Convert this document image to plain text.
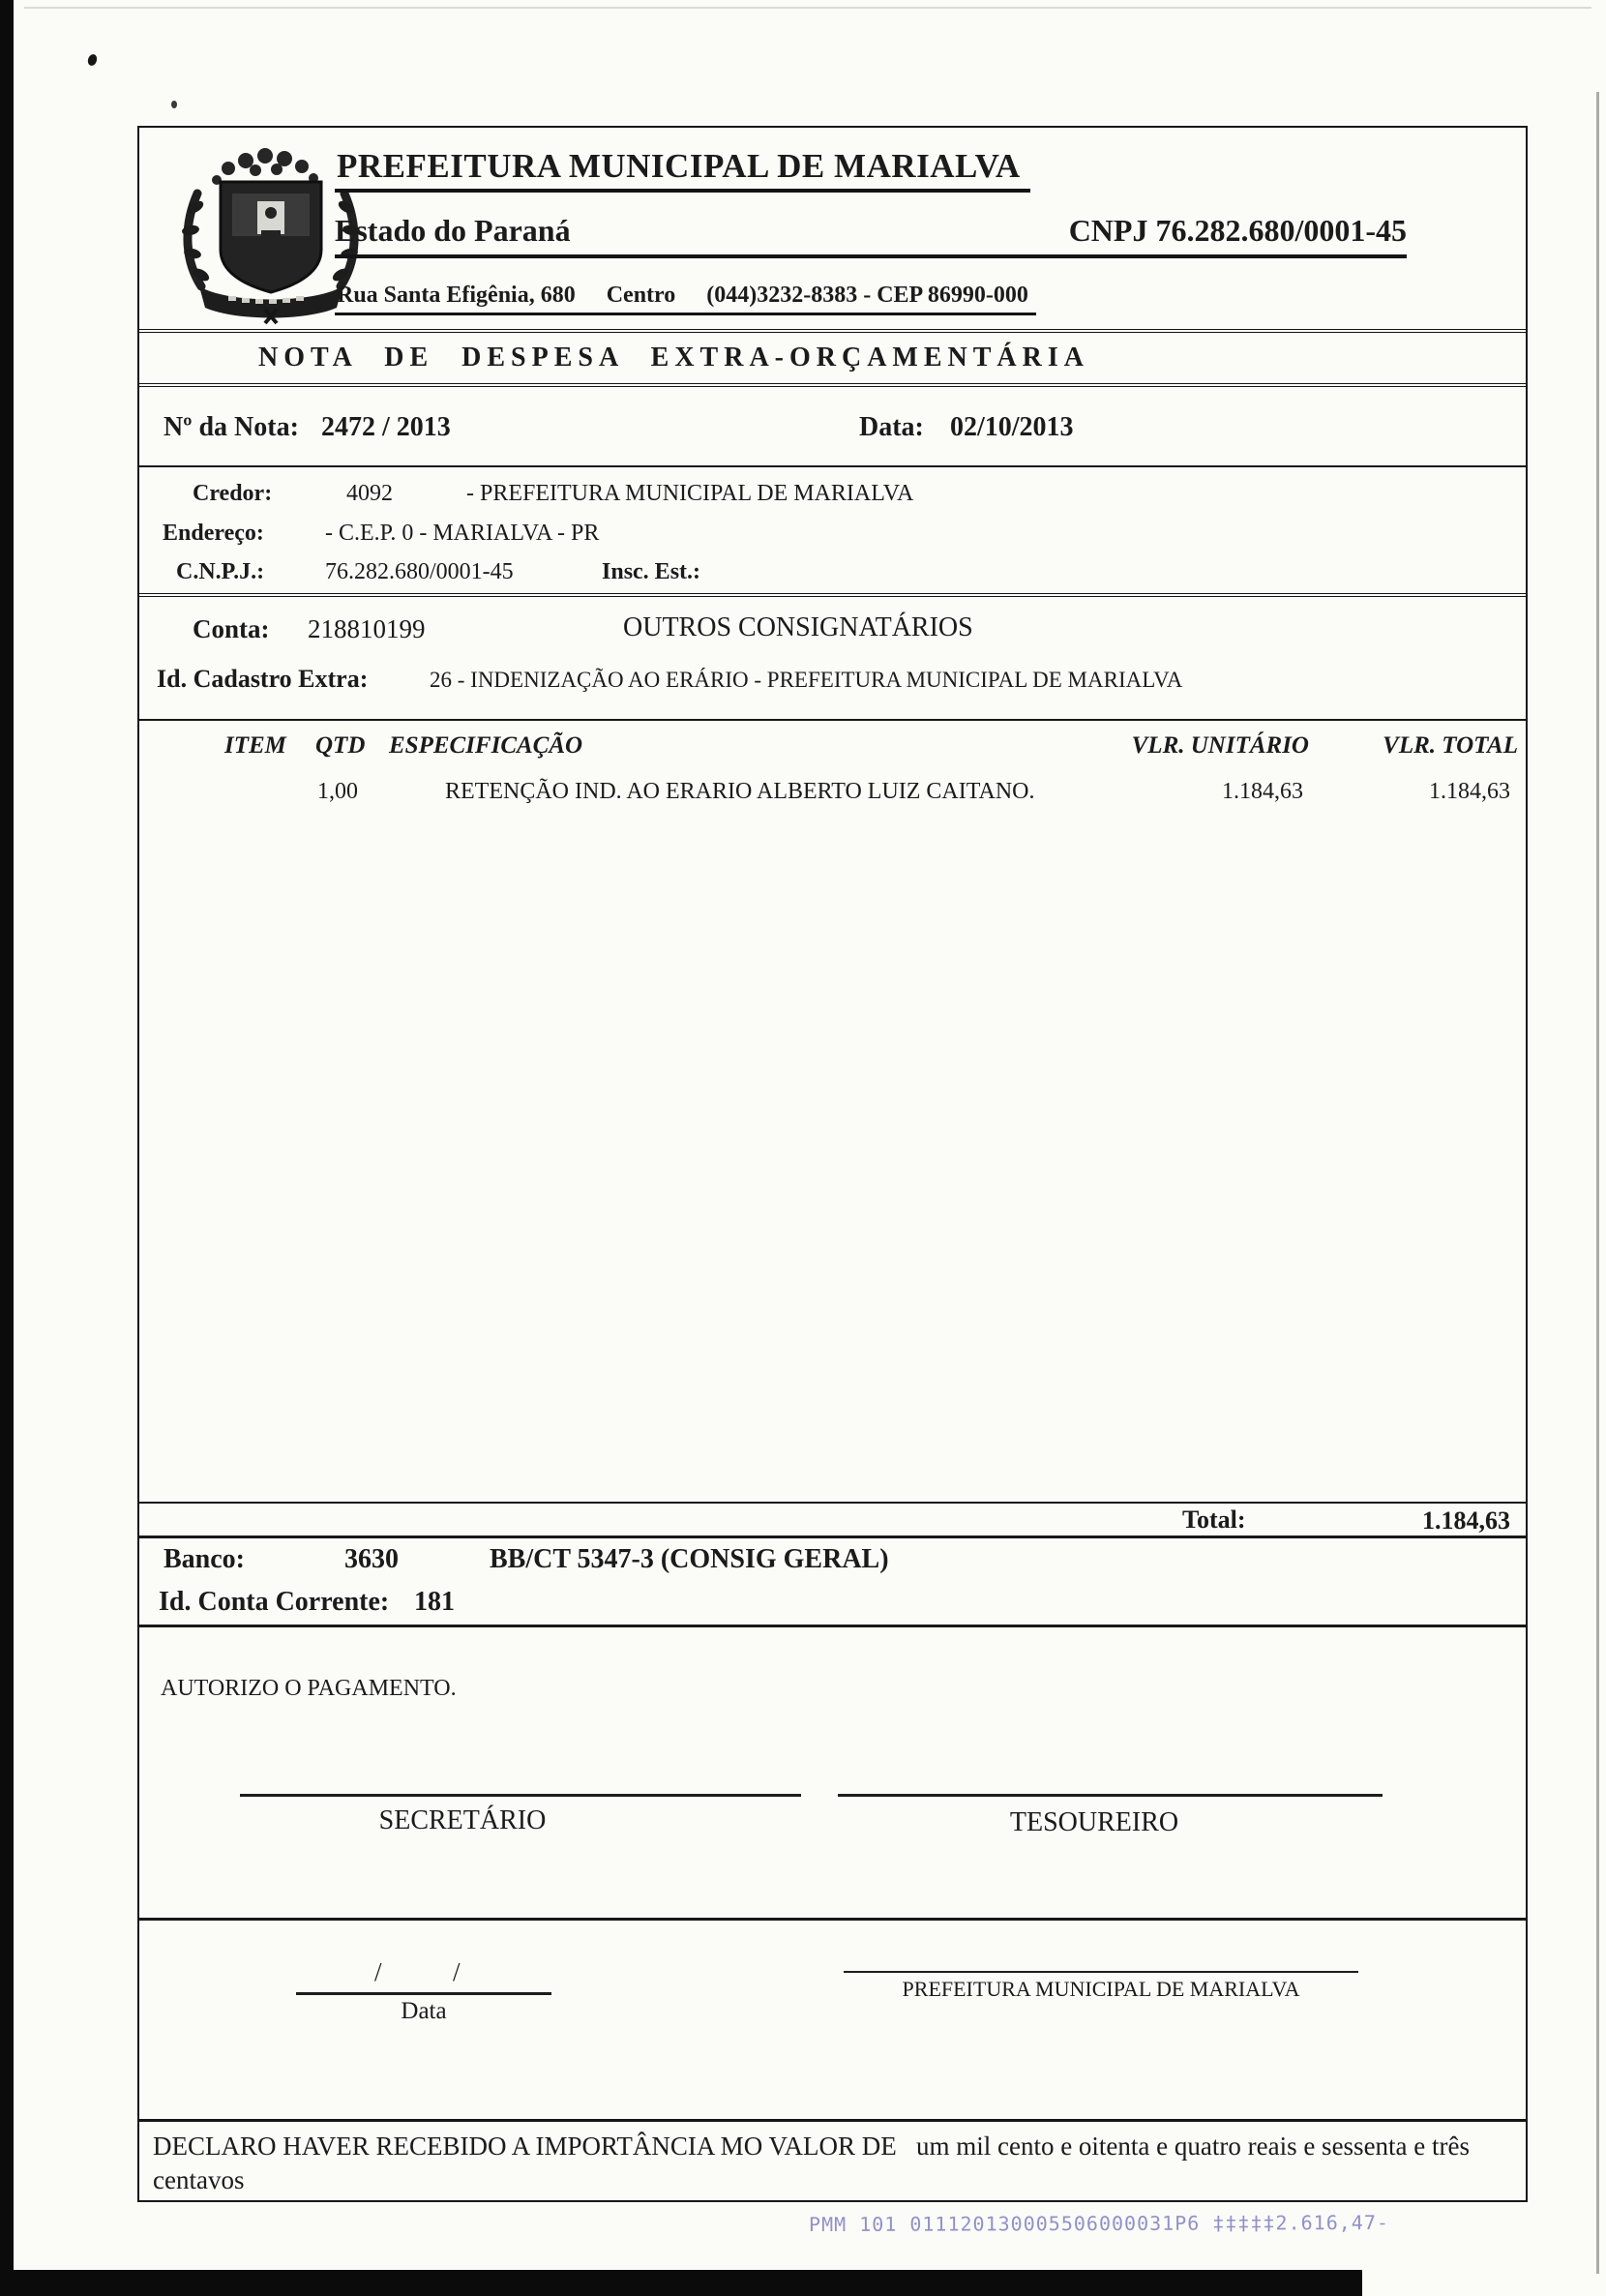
PREFEITURA MUNICIPAL DE MARIALVA
Estado do Paraná	CNPJ 76.282.680/0001-45
Rua Santa Efigênia, 680 Centro (044)3232-8383 - CEP 86990-000
NOTA DE DESPESA EXTRA-ORÇAMENTÁRIA
Nº da Nota: 2472 / 2013	Data: 02/10/2013
Credor:	4092	- PREFEITURA MUNICIPAL DE MARIALVA
Endereço:	- C.E.P. 0 - MARIALVA - PR
C.N.P.J.:	76.282.680/0001-45	Insc. Est.:
Conta: 218810199	OUTROS CONSIGNATÁRIOS
Id. Cadastro Extra:	26 - INDENIZAÇÃO AO ERÁRIO - PREFEITURA MUNICIPAL DE MARIALVA
ITEM QTD ESPECIFICAÇÃO	VLR. UNITÁRIO	VLR. TOTAL
1,00	RETENÇÃO IND. AO ERARIO ALBERTO LUIZ CAITANO.	1.184,63	1.184,63
Total:	1.184,63
Banco:	3630	BB/CT 5347-3 (CONSIG GERAL)
Id. Conta Corrente: 181
AUTORIZO O PAGAMENTO.
SECRETÁRIO	TESOUREIRO
/	/
Data
PREFEITURA MUNICIPAL DE MARIALVA
DECLARO HAVER RECEBIDO A IMPORTÂNCIA MO VALOR DE um mil cento e oitenta e quatro reais e sessenta e três centavos
PMM 101 011120130005506000031P6 ‡‡‡‡‡2.616,47-
